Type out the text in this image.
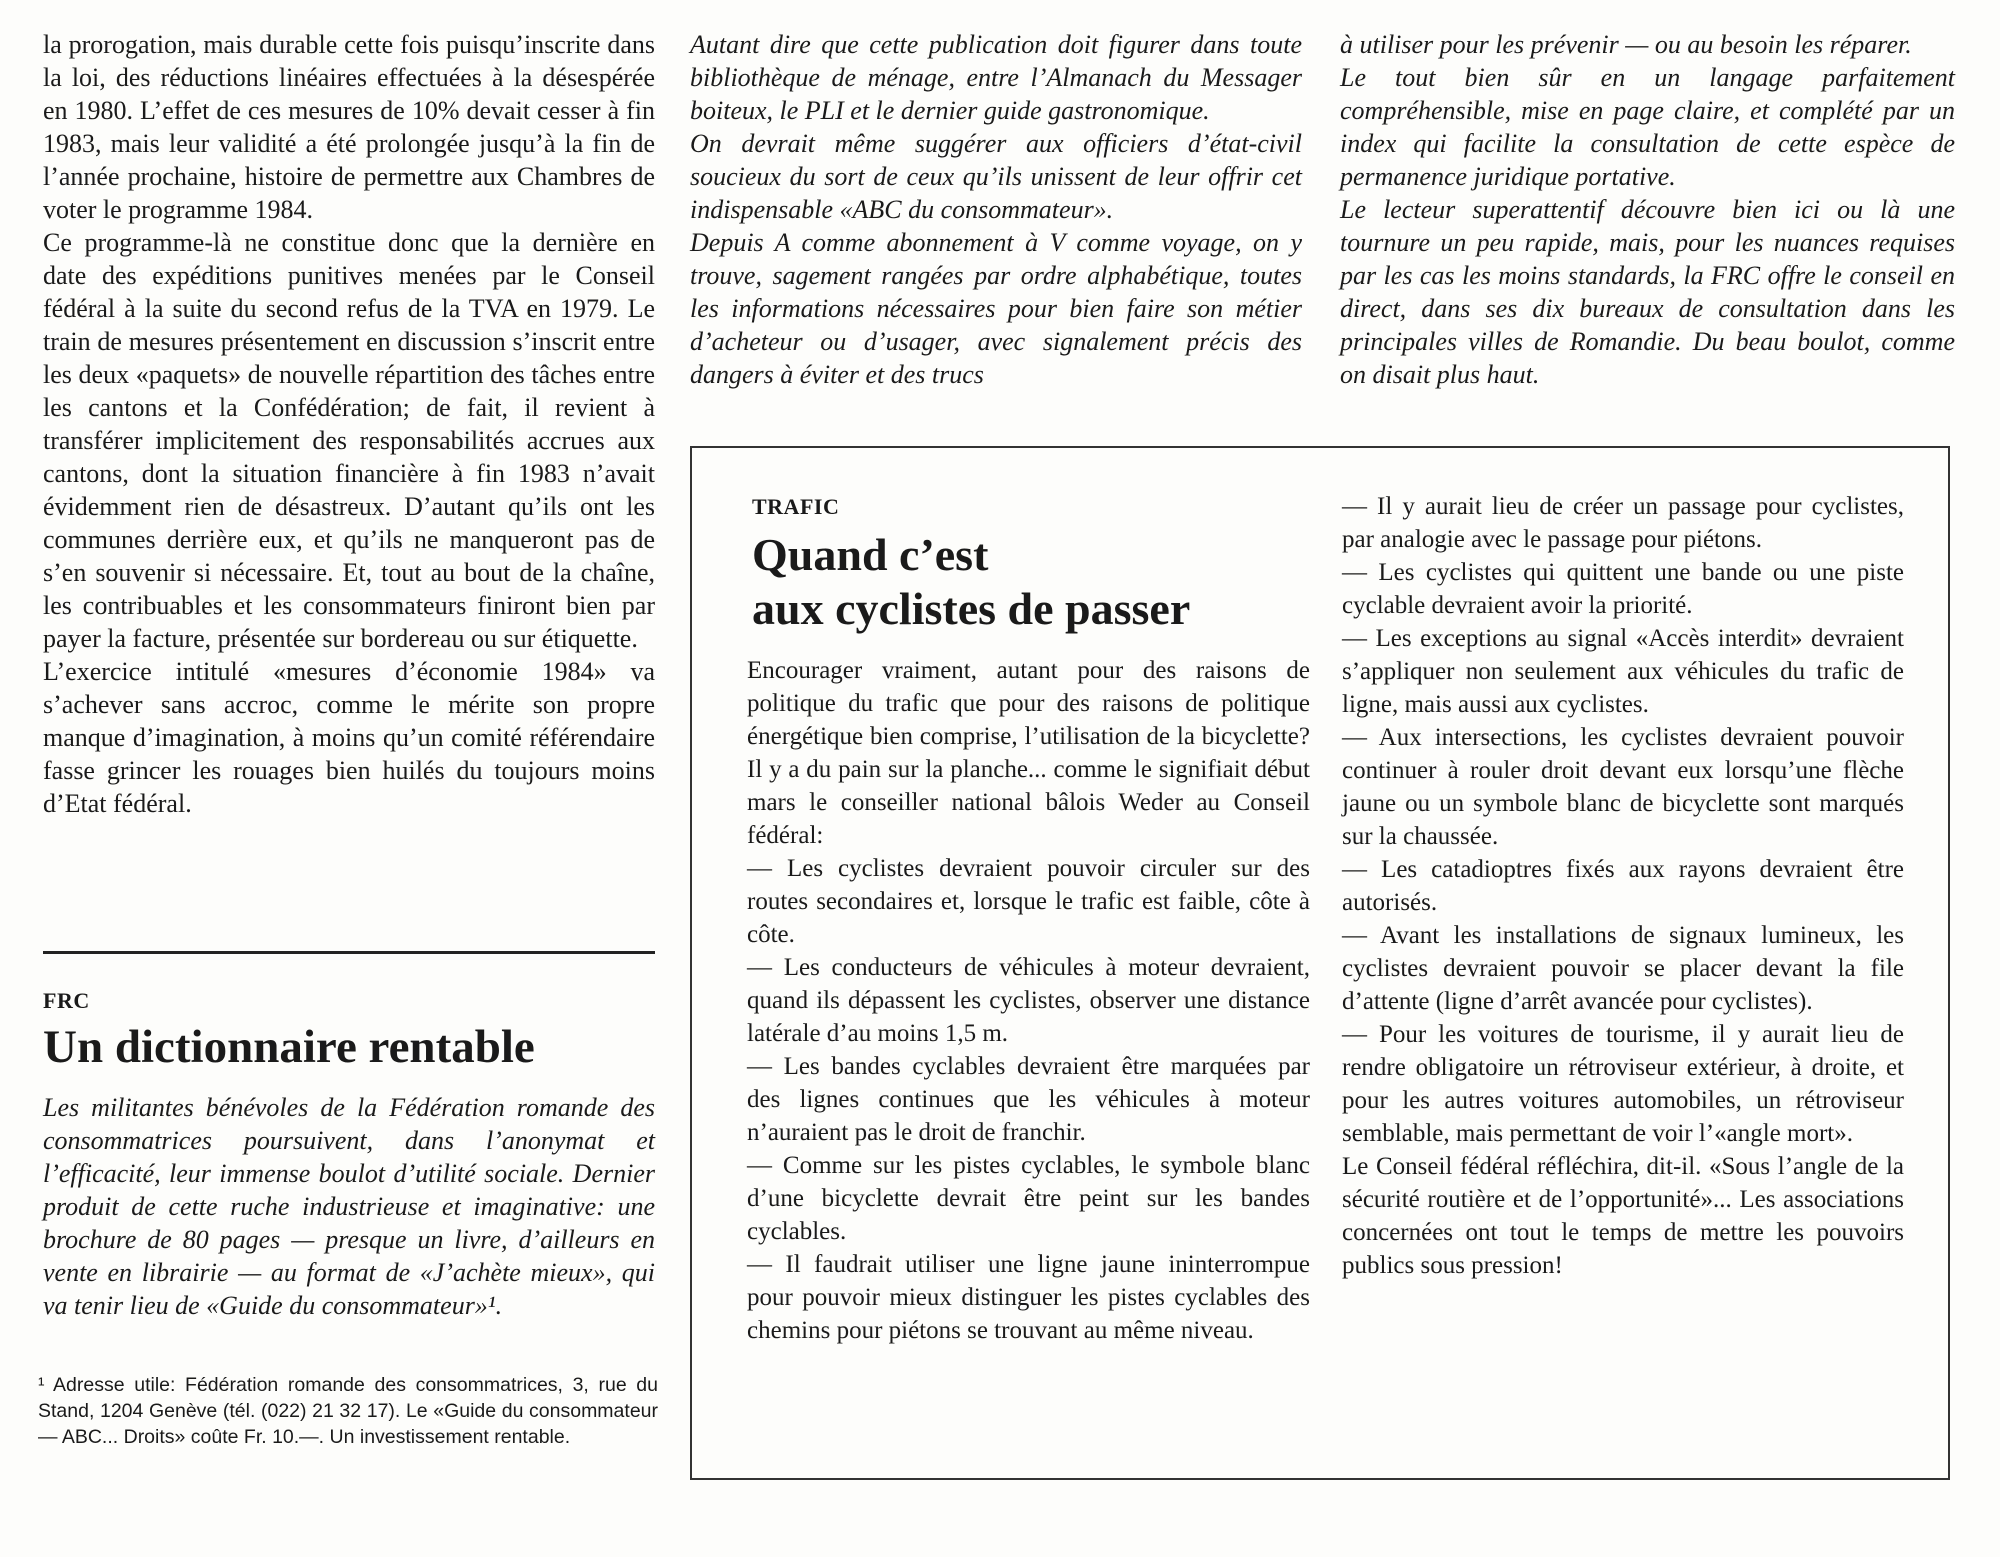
la prorogation, mais durable cette fois puisqu’inscrite dans la loi, des réductions linéaires effectuées à la désespérée en 1980. L’effet de ces mesures de 10% devait cesser à fin 1983, mais leur validité a été prolongée jusqu’à la fin de l’année prochaine, histoire de permettre aux Chambres de voter le programme 1984.

Ce programme-là ne constitue donc que la dernière en date des expéditions punitives menées par le Conseil fédéral à la suite du second refus de la TVA en 1979. Le train de mesures présentement en discussion s’inscrit entre les deux «paquets» de nouvelle répartition des tâches entre les cantons et la Confédération; de fait, il revient à transférer implicitement des responsabilités accrues aux cantons, dont la situation financière à fin 1983 n’avait évidemment rien de désastreux. D’autant qu’ils ont les communes derrière eux, et qu’ils ne manqueront pas de s’en souvenir si nécessaire. Et, tout au bout de la chaîne, les contribuables et les consommateurs finiront bien par payer la facture, présentée sur bordereau ou sur étiquette.

L’exercice intitulé «mesures d’économie 1984» va s’achever sans accroc, comme le mérite son propre manque d’imagination, à moins qu’un comité référendaire fasse grincer les rouages bien huilés du toujours moins d’Etat fédéral.

FRC
Un dictionnaire rentable

Les militantes bénévoles de la Fédération romande des consommatrices poursuivent, dans l’anonymat et l’efficacité, leur immense boulot d’utilité sociale. Dernier produit de cette ruche industrieuse et imaginative: une brochure de 80 pages — presque un livre, d’ailleurs en vente en librairie — au format de «J’achète mieux», qui va tenir lieu de «Guide du consommateur»¹.

¹ Adresse utile: Fédération romande des consommatrices, 3, rue du Stand, 1204 Genève (tél. (022) 21 32 17). Le «Guide du consommateur — ABC... Droits» coûte Fr. 10.—. Un investissement rentable.

Autant dire que cette publication doit figurer dans toute bibliothèque de ménage, entre l’Almanach du Messager boiteux, le PLI et le dernier guide gastronomique.

On devrait même suggérer aux officiers d’état-civil soucieux du sort de ceux qu’ils unissent de leur offrir cet indispensable «ABC du consommateur».

Depuis A comme abonnement à V comme voyage, on y trouve, sagement rangées par ordre alphabétique, toutes les informations nécessaires pour bien faire son métier d’acheteur ou d’usager, avec signalement précis des dangers à éviter et des trucs

à utiliser pour les prévenir — ou au besoin les réparer.

Le tout bien sûr en un langage parfaitement compréhensible, mise en page claire, et complété par un index qui facilite la consultation de cette espèce de permanence juridique portative.

Le lecteur superattentif découvre bien ici ou là une tournure un peu rapide, mais, pour les nuances requises par les cas les moins standards, la FRC offre le conseil en direct, dans ses dix bureaux de consultation dans les principales villes de Romandie. Du beau boulot, comme on disait plus haut.

TRAFIC
Quand c’est
aux cyclistes de passer

Encourager vraiment, autant pour des raisons de politique du trafic que pour des raisons de politique énergétique bien comprise, l’utilisation de la bicyclette? Il y a du pain sur la planche... comme le signifiait début mars le conseiller national bâlois Weder au Conseil fédéral:

— Les cyclistes devraient pouvoir circuler sur des routes secondaires et, lorsque le trafic est faible, côte à côte.

— Les conducteurs de véhicules à moteur devraient, quand ils dépassent les cyclistes, observer une distance latérale d’au moins 1,5 m.

— Les bandes cyclables devraient être marquées par des lignes continues que les véhicules à moteur n’auraient pas le droit de franchir.

— Comme sur les pistes cyclables, le symbole blanc d’une bicyclette devrait être peint sur les bandes cyclables.

— Il faudrait utiliser une ligne jaune ininterrompue pour pouvoir mieux distinguer les pistes cyclables des chemins pour piétons se trouvant au même niveau.

— Il y aurait lieu de créer un passage pour cyclistes, par analogie avec le passage pour piétons.

— Les cyclistes qui quittent une bande ou une piste cyclable devraient avoir la priorité.

— Les exceptions au signal «Accès interdit» devraient s’appliquer non seulement aux véhicules du trafic de ligne, mais aussi aux cyclistes.

— Aux intersections, les cyclistes devraient pouvoir continuer à rouler droit devant eux lorsqu’une flèche jaune ou un symbole blanc de bicyclette sont marqués sur la chaussée.

— Les catadioptres fixés aux rayons devraient être autorisés.

— Avant les installations de signaux lumineux, les cyclistes devraient pouvoir se placer devant la file d’attente (ligne d’arrêt avancée pour cyclistes).

— Pour les voitures de tourisme, il y aurait lieu de rendre obligatoire un rétroviseur extérieur, à droite, et pour les autres voitures automobiles, un rétroviseur semblable, mais permettant de voir l’«angle mort».

Le Conseil fédéral réfléchira, dit-il. «Sous l’angle de la sécurité routière et de l’opportunité»... Les associations concernées ont tout le temps de mettre les pouvoirs publics sous pression!
